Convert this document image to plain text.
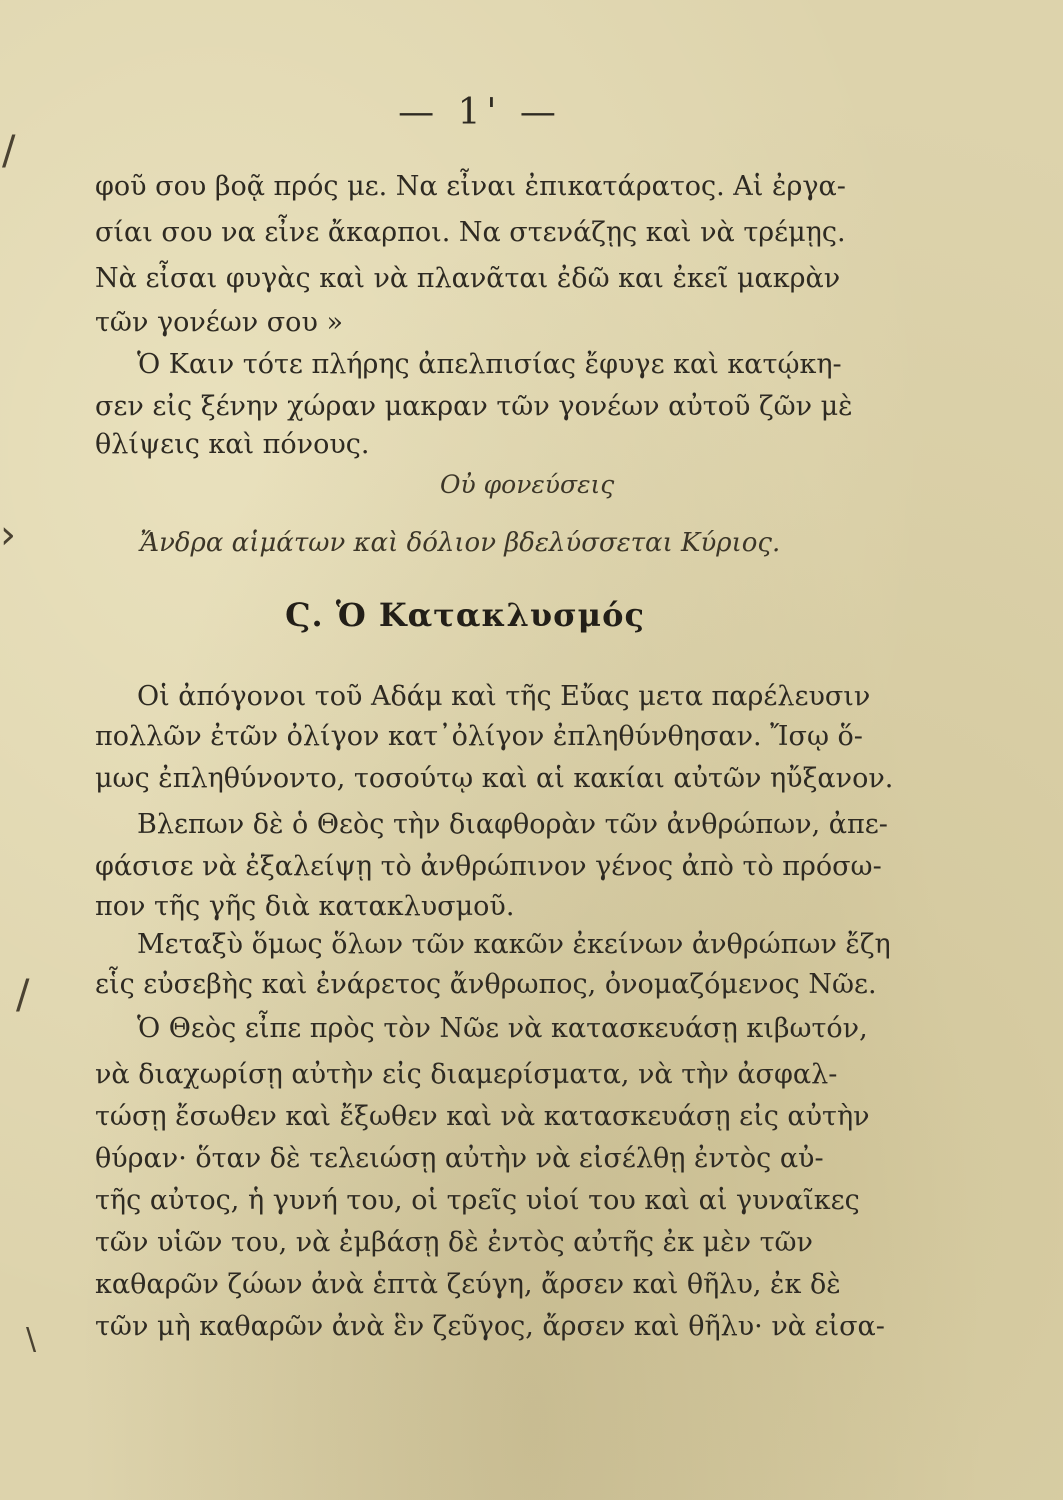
/
›
/
\
— 1' —
φοῦ σου βοᾷ πρός με. Να εἶναι ἐπικατάρατος. Αἱ ἐργα-
σίαι σου να εἶνε ἄκαρποι. Να στενάζῃς καὶ νὰ τρέμῃς.
Νὰ εἶσαι φυγὰς καὶ νὰ πλανᾶται ἐδῶ και ἐκεῖ μακρὰν
τῶν γονέων σου »
Ὁ Καιν τότε πλήρης ἀπελπισίας ἔφυγε καὶ κατῴκη-
σεν εἰς ξένην χώραν μακραν τῶν γονέων αὐτοῦ ζῶν μὲ
θλίψεις καὶ πόνους.
Οὐ φονεύσεις
Ἄνδρα αἱμάτων καὶ δόλιον βδελύσσεται Κύριος.
Ϛ. Ὁ Κατακλυσμός
Οἱ ἀπόγονοι τοῦ Αδάμ καὶ τῆς Εὔας μετα παρέλευσιν
πολλῶν ἐτῶν ὀλίγον κατ᾽ὀλίγον ἐπληθύνθησαν. Ἴσῳ ὅ-
μως ἐπληθύνοντο, τοσούτῳ καὶ αἱ κακίαι αὐτῶν ηὔξανον.
Βλεπων δὲ ὁ Θεὸς τὴν διαφθορὰν τῶν ἀνθρώπων, ἀπε-
φάσισε νὰ ἐξαλείψῃ τὸ ἀνθρώπινον γένος ἀπὸ τὸ πρόσω-
πον τῆς γῆς διὰ κατακλυσμοῦ.
Μεταξὺ ὅμως ὅλων τῶν κακῶν ἐκείνων ἀνθρώπων ἔζη
εἷς εὐσεβὴς καὶ ἐνάρετος ἄνθρωπος, ὀνομαζόμενος Νῶε.
Ὁ Θεὸς εἶπε πρὸς τὸν Νῶε νὰ κατασκευάσῃ κιβωτόν,
νὰ διαχωρίσῃ αὐτὴν εἰς διαμερίσματα, νὰ τὴν ἀσφαλ-
τώσῃ ἔσωθεν καὶ ἔξωθεν καὶ νὰ κατασκευάσῃ εἰς αὐτὴν
θύραν· ὅταν δὲ τελειώσῃ αὐτὴν νὰ εἰσέλθῃ ἐντὸς αὐ-
τῆς αὐτος, ἡ γυνή του, οἱ τρεῖς υἱοί του καὶ αἱ γυναῖκες
τῶν υἱῶν του, νὰ ἐμβάσῃ δὲ ἐντὸς αὐτῆς ἐκ μὲν τῶν
καθαρῶν ζώων ἀνὰ ἑπτὰ ζεύγη, ἄρσεν καὶ θῆλυ, ἐκ δὲ
τῶν μὴ καθαρῶν ἀνὰ ἓν ζεῦγος, ἄρσεν καὶ θῆλυ· νὰ εἰσα-
